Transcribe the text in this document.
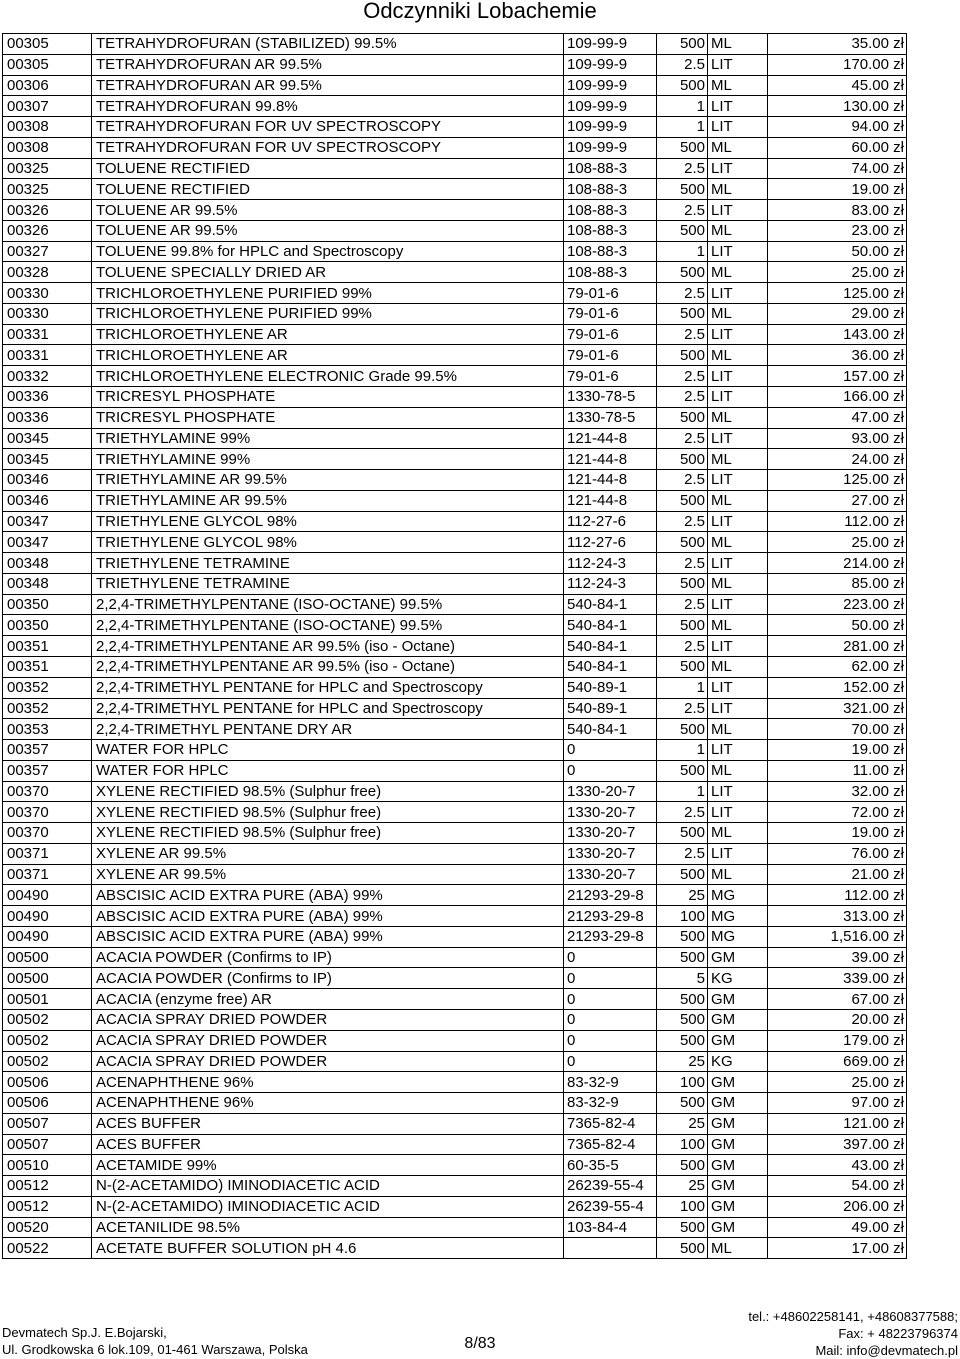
Odczynniki Lobachemie
00305	TETRAHYDROFURAN (STABILIZED) 99.5%	109-99-9	500	ML	35.00 zł
00305	TETRAHYDROFURAN AR 99.5%	109-99-9	2.5	LIT	170.00 zł
00306	TETRAHYDROFURAN AR 99.5%	109-99-9	500	ML	45.00 zł
00307	TETRAHYDROFURAN 99.8%	109-99-9	1	LIT	130.00 zł
00308	TETRAHYDROFURAN FOR UV SPECTROSCOPY	109-99-9	1	LIT	94.00 zł
00308	TETRAHYDROFURAN FOR UV SPECTROSCOPY	109-99-9	500	ML	60.00 zł
00325	TOLUENE RECTIFIED	108-88-3	2.5	LIT	74.00 zł
00325	TOLUENE RECTIFIED	108-88-3	500	ML	19.00 zł
00326	TOLUENE AR 99.5%	108-88-3	2.5	LIT	83.00 zł
00326	TOLUENE AR 99.5%	108-88-3	500	ML	23.00 zł
00327	TOLUENE 99.8% for HPLC and Spectroscopy	108-88-3	1	LIT	50.00 zł
00328	TOLUENE SPECIALLY DRIED AR	108-88-3	500	ML	25.00 zł
00330	TRICHLOROETHYLENE PURIFIED 99%	79-01-6	2.5	LIT	125.00 zł
00330	TRICHLOROETHYLENE PURIFIED 99%	79-01-6	500	ML	29.00 zł
00331	TRICHLOROETHYLENE AR	79-01-6	2.5	LIT	143.00 zł
00331	TRICHLOROETHYLENE AR	79-01-6	500	ML	36.00 zł
00332	TRICHLOROETHYLENE ELECTRONIC Grade 99.5%	79-01-6	2.5	LIT	157.00 zł
00336	TRICRESYL PHOSPHATE	1330-78-5	2.5	LIT	166.00 zł
00336	TRICRESYL PHOSPHATE	1330-78-5	500	ML	47.00 zł
00345	TRIETHYLAMINE 99%	121-44-8	2.5	LIT	93.00 zł
00345	TRIETHYLAMINE 99%	121-44-8	500	ML	24.00 zł
00346	TRIETHYLAMINE AR 99.5%	121-44-8	2.5	LIT	125.00 zł
00346	TRIETHYLAMINE AR 99.5%	121-44-8	500	ML	27.00 zł
00347	TRIETHYLENE GLYCOL 98%	112-27-6	2.5	LIT	112.00 zł
00347	TRIETHYLENE GLYCOL 98%	112-27-6	500	ML	25.00 zł
00348	TRIETHYLENE TETRAMINE	112-24-3	2.5	LIT	214.00 zł
00348	TRIETHYLENE TETRAMINE	112-24-3	500	ML	85.00 zł
00350	2,2,4-TRIMETHYLPENTANE (ISO-OCTANE) 99.5%	540-84-1	2.5	LIT	223.00 zł
00350	2,2,4-TRIMETHYLPENTANE (ISO-OCTANE) 99.5%	540-84-1	500	ML	50.00 zł
00351	2,2,4-TRIMETHYLPENTANE AR 99.5% (iso - Octane)	540-84-1	2.5	LIT	281.00 zł
00351	2,2,4-TRIMETHYLPENTANE AR 99.5% (iso - Octane)	540-84-1	500	ML	62.00 zł
00352	2,2,4-TRIMETHYL PENTANE for HPLC and Spectroscopy	540-89-1	1	LIT	152.00 zł
00352	2,2,4-TRIMETHYL PENTANE for HPLC and Spectroscopy	540-89-1	2.5	LIT	321.00 zł
00353	2,2,4-TRIMETHYL PENTANE DRY AR	540-84-1	500	ML	70.00 zł
00357	WATER FOR HPLC	0	1	LIT	19.00 zł
00357	WATER FOR HPLC	0	500	ML	11.00 zł
00370	XYLENE RECTIFIED 98.5% (Sulphur free)	1330-20-7	1	LIT	32.00 zł
00370	XYLENE RECTIFIED 98.5% (Sulphur free)	1330-20-7	2.5	LIT	72.00 zł
00370	XYLENE RECTIFIED 98.5% (Sulphur free)	1330-20-7	500	ML	19.00 zł
00371	XYLENE AR 99.5%	1330-20-7	2.5	LIT	76.00 zł
00371	XYLENE AR 99.5%	1330-20-7	500	ML	21.00 zł
00490	ABSCISIC ACID EXTRA PURE (ABA) 99%	21293-29-8	25	MG	112.00 zł
00490	ABSCISIC ACID EXTRA PURE (ABA) 99%	21293-29-8	100	MG	313.00 zł
00490	ABSCISIC ACID EXTRA PURE (ABA) 99%	21293-29-8	500	MG	1,516.00 zł
00500	ACACIA POWDER (Confirms to IP)	0	500	GM	39.00 zł
00500	ACACIA POWDER (Confirms to IP)	0	5	KG	339.00 zł
00501	ACACIA (enzyme free) AR	0	500	GM	67.00 zł
00502	ACACIA SPRAY DRIED POWDER	0	500	GM	20.00 zł
00502	ACACIA SPRAY DRIED POWDER	0	500	GM	179.00 zł
00502	ACACIA SPRAY DRIED POWDER	0	25	KG	669.00 zł
00506	ACENAPHTHENE 96%	83-32-9	100	GM	25.00 zł
00506	ACENAPHTHENE 96%	83-32-9	500	GM	97.00 zł
00507	ACES BUFFER	7365-82-4	25	GM	121.00 zł
00507	ACES BUFFER	7365-82-4	100	GM	397.00 zł
00510	ACETAMIDE 99%	60-35-5	500	GM	43.00 zł
00512	N-(2-ACETAMIDO) IMINODIACETIC ACID	26239-55-4	25	GM	54.00 zł
00512	N-(2-ACETAMIDO) IMINODIACETIC ACID	26239-55-4	100	GM	206.00 zł
00520	ACETANILIDE 98.5%	103-84-4	500	GM	49.00 zł
00522	ACETATE BUFFER SOLUTION pH 4.6		500	ML	17.00 zł
Devmatech Sp.J. E.Bojarski,
Ul. Grodkowska 6 lok.109, 01-461 Warszawa, Polska	8/83
tel.: +48602258141, +48608377588;
Fax: + 48223796374
Mail: info@devmatech.pl
